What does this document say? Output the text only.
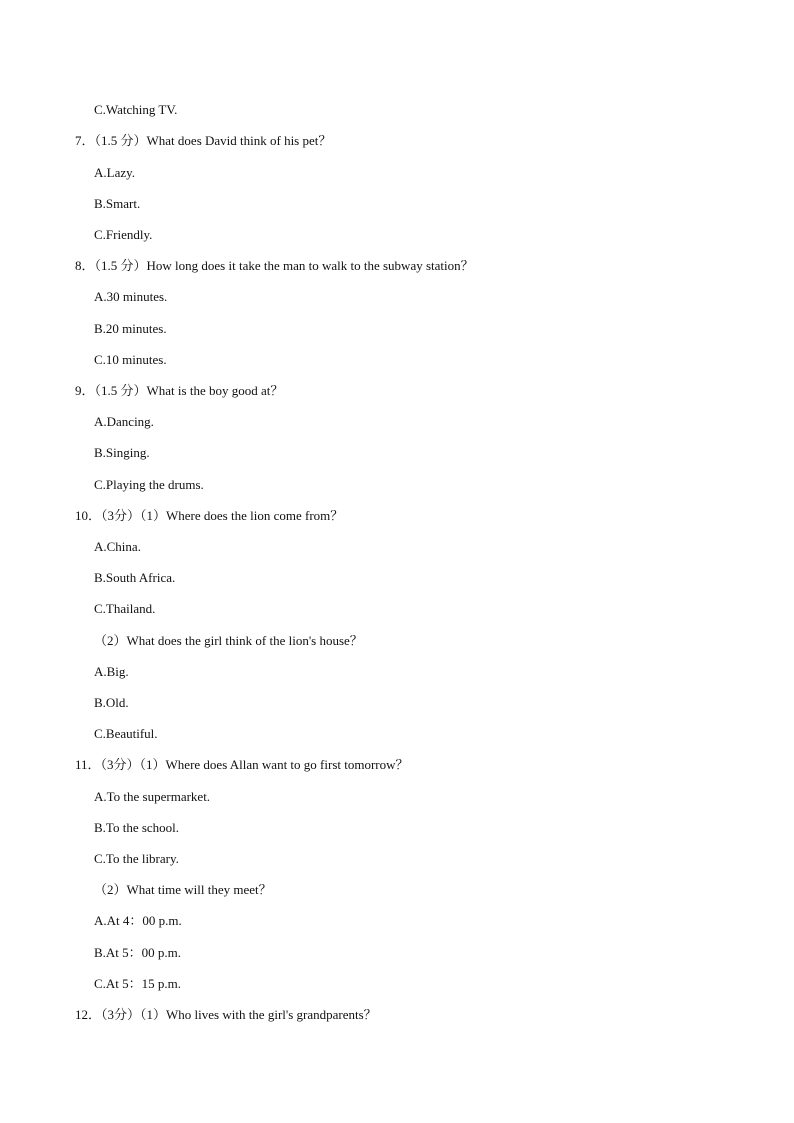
C.Watching TV.
7．（1.5 分）What does David think of his pet？
A.Lazy.
B.Smart.
C.Friendly.
8．（1.5 分）How long does it take the man to walk to the subway station？
A.30 minutes.
B.20 minutes.
C.10 minutes.
9．（1.5 分）What is the boy good at？
A.Dancing.
B.Singing.
C.Playing the drums.
10．（3分）（1）Where does the lion come from？
A.China.
B.South Africa.
C.Thailand.
（2）What does the girl think of the lion's house？
A.Big.
B.Old.
C.Beautiful.
11．（3分）（1）Where does Allan want to go first tomorrow？
A.To the supermarket.
B.To the school.
C.To the library.
（2）What time will they meet？
A.At 4：00 p.m.
B.At 5：00 p.m.
C.At 5：15 p.m.
12．（3分）（1）Who lives with the girl's grandparents？
